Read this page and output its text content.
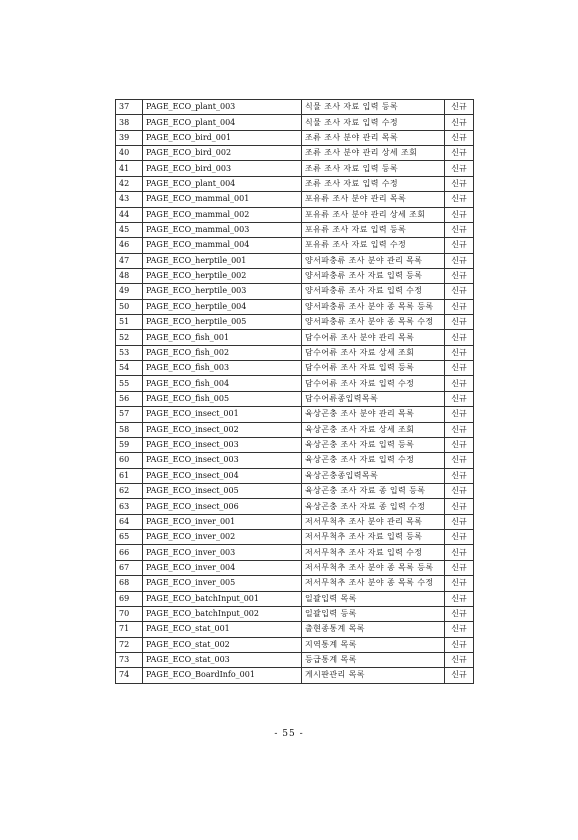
37	PAGE_ECO_plant_003	식물 조사 자료 입력 등록	신규
38	PAGE_ECO_plant_004	식물 조사 자료 입력 수정	신규
39	PAGE_ECO_bird_001	조류 조사 분야 관리 목록	신규
40	PAGE_ECO_bird_002	조류 조사 분야 관리 상세 조회	신규
41	PAGE_ECO_bird_003	조류 조사 자료 입력 등록	신규
42	PAGE_ECO_plant_004	조류 조사 자료 입력 수정	신규
43	PAGE_ECO_mammal_001	포유류 조사 분야 관리 목록	신규
44	PAGE_ECO_mammal_002	포유류 조사 분야 관리 상세 조회	신규
45	PAGE_ECO_mammal_003	포유류 조사 자료 입력 등록	신규
46	PAGE_ECO_mammal_004	포유류 조사 자료 입력 수정	신규
47	PAGE_ECO_herptile_001	양서파충류 조사 분야 관리 목록	신규
48	PAGE_ECO_herptile_002	양서파충류 조사 자료 입력 등록	신규
49	PAGE_ECO_herptile_003	양서파충류 조사 자료 입력 수정	신규
50	PAGE_ECO_herptile_004	양서파충류 조사 분야 종 목록 등록	신규
51	PAGE_ECO_herptile_005	양서파충류 조사 분야 종 목록 수정	신규
52	PAGE_ECO_fish_001	담수어류 조사 분야 관리 목록	신규
53	PAGE_ECO_fish_002	담수어류 조사 자료 상세 조회	신규
54	PAGE_ECO_fish_003	담수어류 조사 자료 입력 등록	신규
55	PAGE_ECO_fish_004	담수어류 조사 자료 입력 수정	신규
56	PAGE_ECO_fish_005	담수어류종입력목록	신규
57	PAGE_ECO_insect_001	육상곤충 조사 분야 관리 목록	신규
58	PAGE_ECO_insect_002	육상곤충 조사 자료 상세 조회	신규
59	PAGE_ECO_insect_003	육상곤충 조사 자료 입력 등록	신규
60	PAGE_ECO_insect_003	육상곤충 조사 자료 입력 수정	신규
61	PAGE_ECO_insect_004	육상곤충종입력목록	신규
62	PAGE_ECO_insect_005	육상곤충 조사 자료 종 입력 등록	신규
63	PAGE_ECO_insect_006	육상곤충 조사 자료 종 입력 수정	신규
64	PAGE_ECO_inver_001	저서무척추 조사 분야 관리 목록	신규
65	PAGE_ECO_inver_002	저서무척추 조사 자료 입력 등록	신규
66	PAGE_ECO_inver_003	저서무척추 조사 자료 입력 수정	신규
67	PAGE_ECO_inver_004	저서무척추 조사 분야 종 목록 등록	신규
68	PAGE_ECO_inver_005	저서무척추 조사 분야 종 목록 수정	신규
69	PAGE_ECO_batchInput_001	일괄입력 목록	신규
70	PAGE_ECO_batchInput_002	일괄입력 등록	신규
71	PAGE_ECO_stat_001	출현종통계 목록	신규
72	PAGE_ECO_stat_002	지역통계 목록	신규
73	PAGE_ECO_stat_003	등급통계 목록	신규
74	PAGE_ECO_BoardInfo_001	게시판관리 목록	신규
- 55 -
